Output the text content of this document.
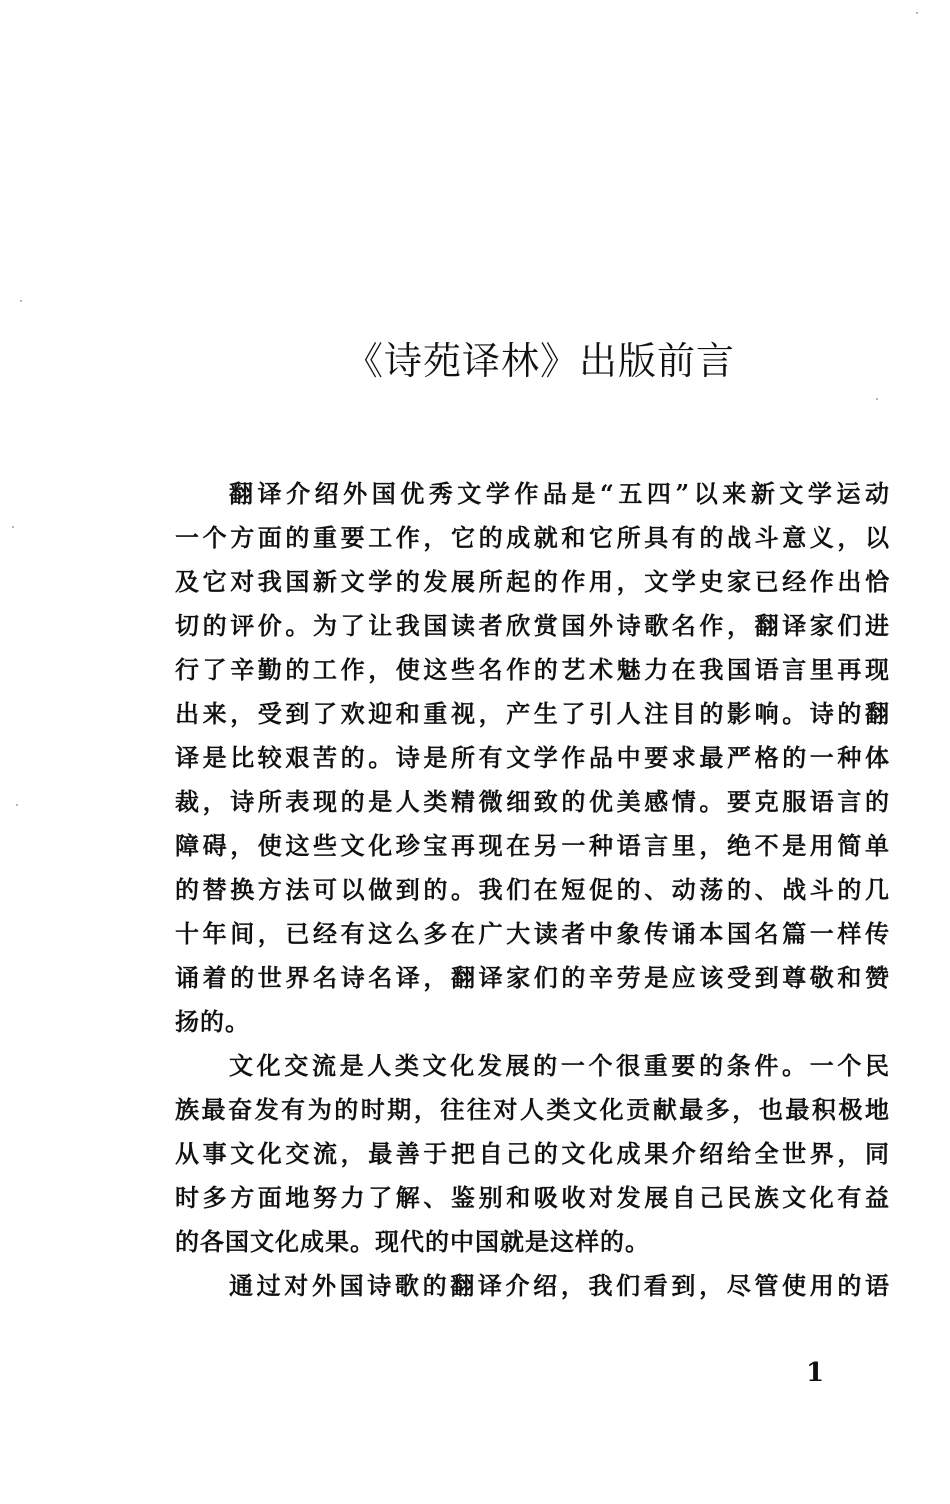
《诗苑译林》出版前言
翻译介绍外国优秀文学作品是“五四”以来新文学运动
一个方面的重要工作，它的成就和它所具有的战斗意义，以
及它对我国新文学的发展所起的作用，文学史家已经作出恰
切的评价。为了让我国读者欣赏国外诗歌名作，翻译家们进
行了辛勤的工作，使这些名作的艺术魅力在我国语言里再现
出来，受到了欢迎和重视，产生了引人注目的影响。诗的翻
译是比较艰苦的。诗是所有文学作品中要求最严格的一种体
裁，诗所表现的是人类精微细致的优美感情。要克服语言的
障碍，使这些文化珍宝再现在另一种语言里，绝不是用简单
的替换方法可以做到的。我们在短促的、动荡的、战斗的几
十年间，已经有这么多在广大读者中象传诵本国名篇一样传
诵着的世界名诗名译，翻译家们的辛劳是应该受到尊敬和赞
扬的。
文化交流是人类文化发展的一个很重要的条件。一个民
族最奋发有为的时期，往往对人类文化贡献最多，也最积极地
从事文化交流，最善于把自己的文化成果介绍给全世界，同
时多方面地努力了解、鉴别和吸收对发展自己民族文化有益
的各国文化成果。现代的中国就是这样的。
通过对外国诗歌的翻译介绍，我们看到，尽管使用的语
1
